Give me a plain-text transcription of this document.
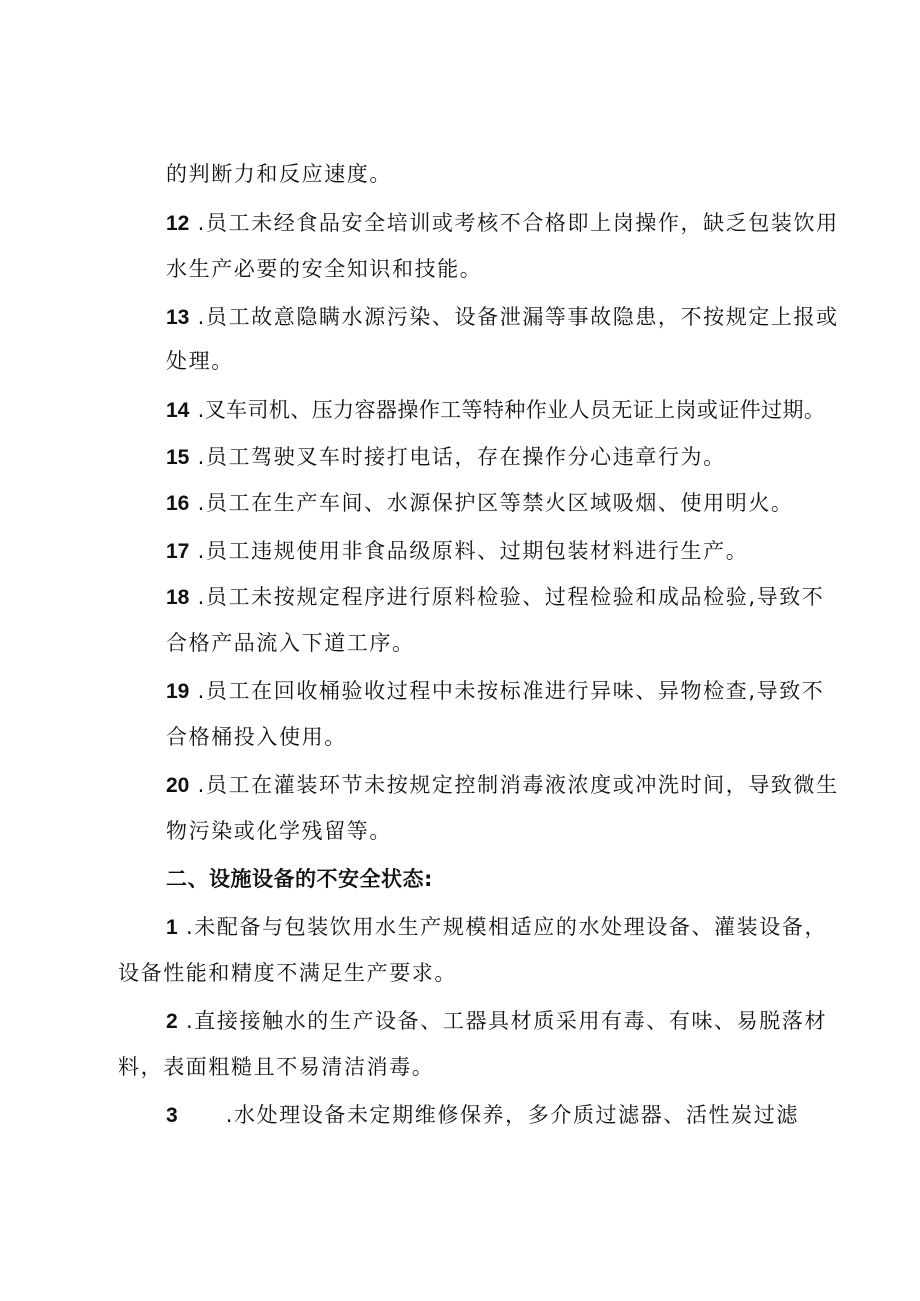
的判断力和反应速度。
12 .员工未经食品安全培训或考核不合格即上岗操作，缺乏包装饮用
水生产必要的安全知识和技能。
13 .员工故意隐瞒水源污染、设备泄漏等事故隐患，不按规定上报或
处理。
14 .叉车司机、压力容器操作工等特种作业人员无证上岗或证件过期。
15 .员工驾驶叉车时接打电话，存在操作分心违章行为。
16 .员工在生产车间、水源保护区等禁火区域吸烟、使用明火。
17 .员工违规使用非食品级原料、过期包装材料进行生产。
18 .员工未按规定程序进行原料检验、过程检验和成品检验,导致不
合格产品流入下道工序。
19 .员工在回收桶验收过程中未按标准进行异味、异物检查,导致不
合格桶投入使用。
20 .员工在灌装环节未按规定控制消毒液浓度或冲洗时间，导致微生
物污染或化学残留等。
二、设施设备的不安全状态:
1 .未配备与包装饮用水生产规模相适应的水处理设备、灌装设备，
设备性能和精度不满足生产要求。
2 .直接接触水的生产设备、工器具材质采用有毒、有味、易脱落材
料，表面粗糙且不易清洁消毒。
3 .水处理设备未定期维修保养，多介质过滤器、活性炭过滤
